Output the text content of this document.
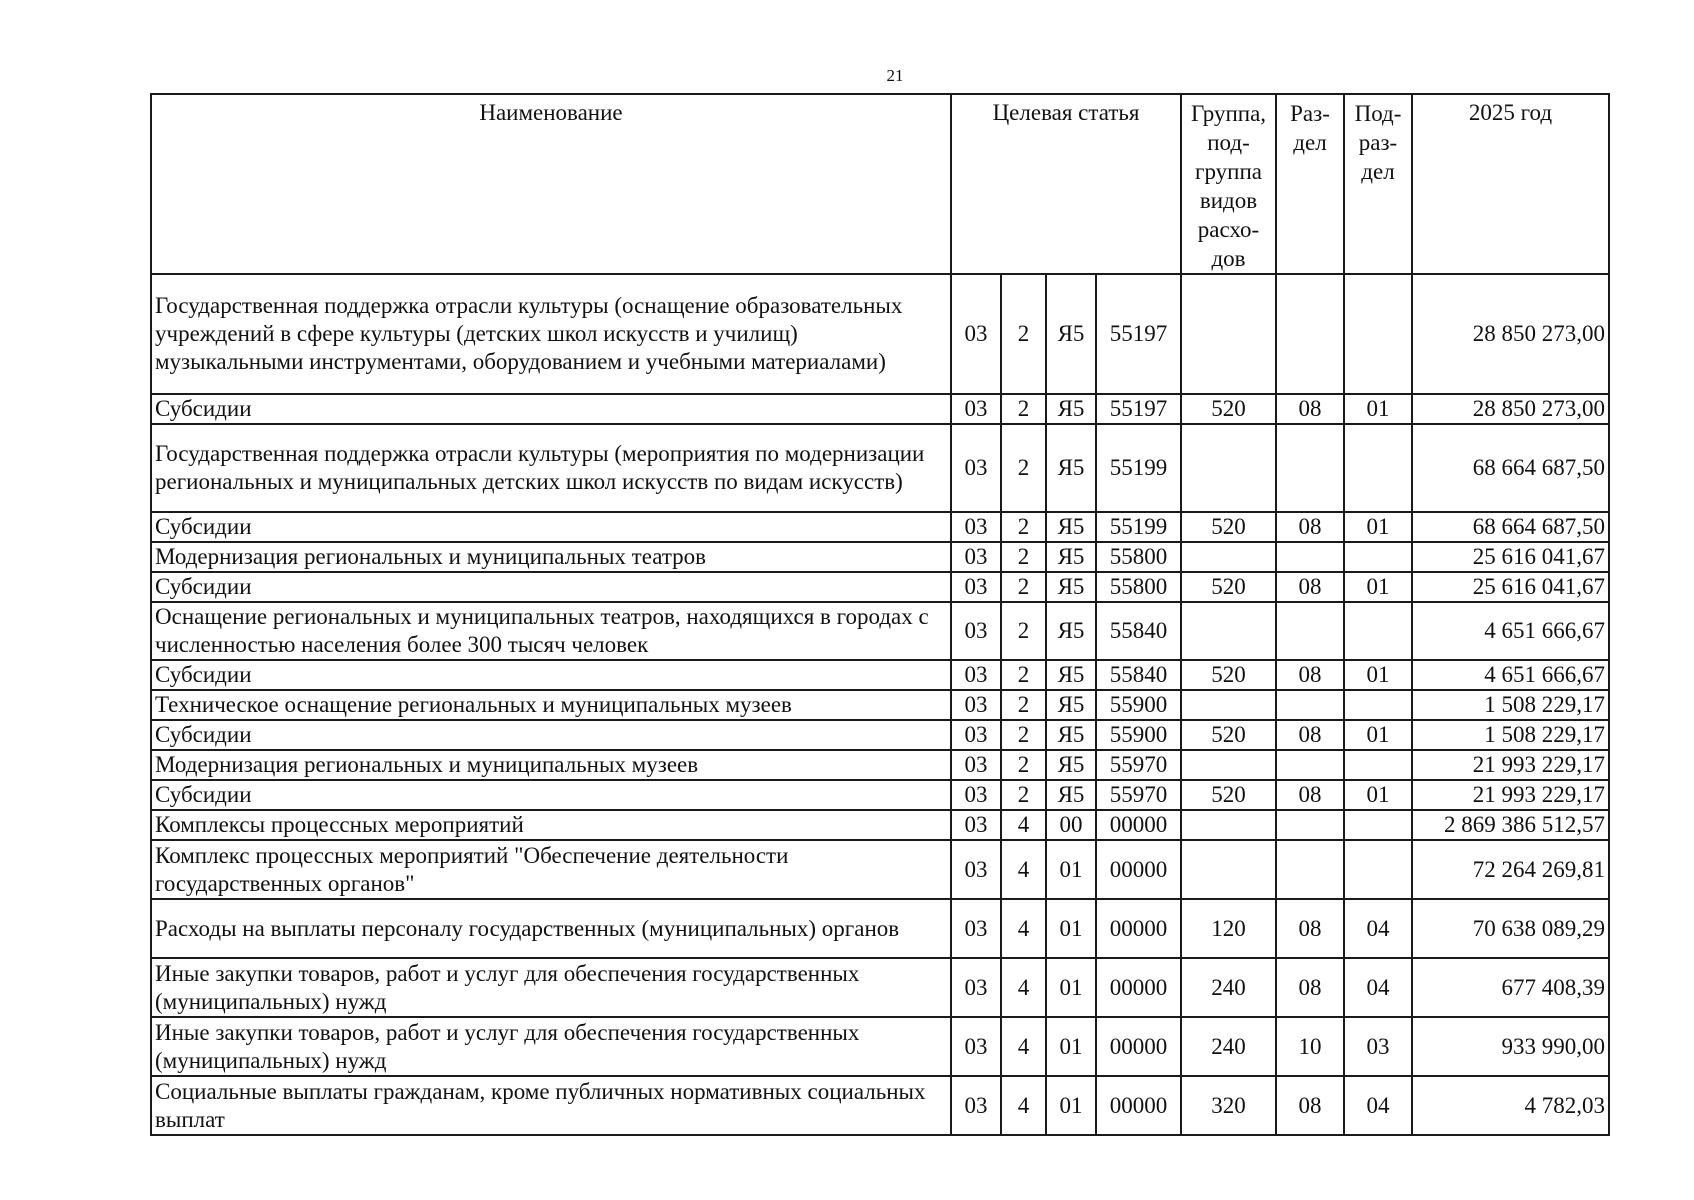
21
Наименование	Целевая статья				Группа, под- группа видов расхо- дов	Раз- дел	Под- раз- дел	2025 год
Государственная поддержка отрасли культуры (оснащение образовательных учреждений в сфере культуры (детских школ искусств и училищ) музыкальными инструментами, оборудованием и учебными материалами)	03	2	Я5	55197				28 850 273,00
Субсидии	03	2	Я5	55197	520	08	01	28 850 273,00
Государственная поддержка отрасли культуры (мероприятия по модернизации региональных и муниципальных детских школ искусств по видам искусств)	03	2	Я5	55199				68 664 687,50
Субсидии	03	2	Я5	55199	520	08	01	68 664 687,50
Модернизация региональных и муниципальных театров	03	2	Я5	55800				25 616 041,67
Субсидии	03	2	Я5	55800	520	08	01	25 616 041,67
Оснащение региональных и муниципальных театров, находящихся в городах с численностью населения более 300 тысяч человек	03	2	Я5	55840				4 651 666,67
Субсидии	03	2	Я5	55840	520	08	01	4 651 666,67
Техническое оснащение региональных и муниципальных музеев	03	2	Я5	55900				1 508 229,17
Субсидии	03	2	Я5	55900	520	08	01	1 508 229,17
Модернизация региональных и муниципальных музеев	03	2	Я5	55970				21 993 229,17
Субсидии	03	2	Я5	55970	520	08	01	21 993 229,17
Комплексы процессных мероприятий	03	4	00	00000				2 869 386 512,57
Комплекс процессных мероприятий "Обеспечение деятельности государственных органов"	03	4	01	00000				72 264 269,81
Расходы на выплаты персоналу государственных (муниципальных) органов	03	4	01	00000	120	08	04	70 638 089,29
Иные закупки товаров, работ и услуг для обеспечения государственных (муниципальных) нужд	03	4	01	00000	240	08	04	677 408,39
Иные закупки товаров, работ и услуг для обеспечения государственных (муниципальных) нужд	03	4	01	00000	240	10	03	933 990,00
Социальные выплаты гражданам, кроме публичных нормативных социальных выплат	03	4	01	00000	320	08	04	4 782,03
